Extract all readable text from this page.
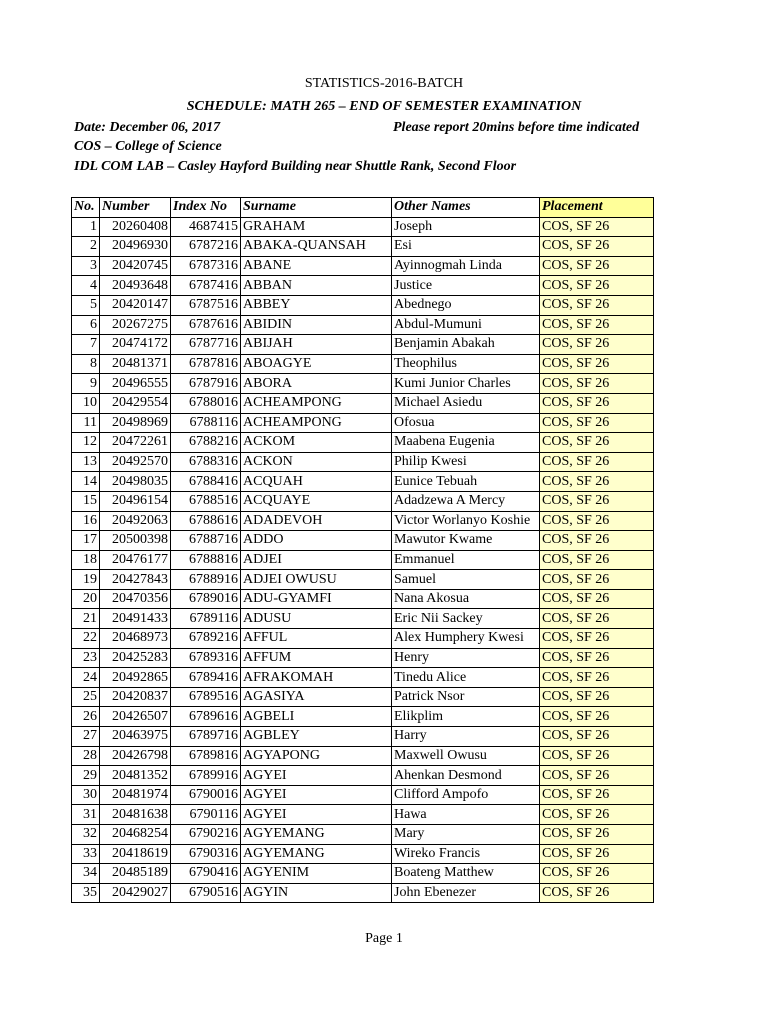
STATISTICS-2016-BATCH
SCHEDULE: MATH 265 – END OF SEMESTER EXAMINATION
Date: December 06, 2017	Please report 20mins before time indicated
COS – College of Science
IDL COM LAB – Casley Hayford Building near Shuttle Rank, Second Floor
No.	Number	Index No	Surname	Other Names	Placement
1	20260408	4687415	GRAHAM	Joseph	COS, SF 26
2	20496930	6787216	ABAKA-QUANSAH	Esi	COS, SF 26
3	20420745	6787316	ABANE	Ayinnogmah Linda	COS, SF 26
4	20493648	6787416	ABBAN	Justice	COS, SF 26
5	20420147	6787516	ABBEY	Abednego	COS, SF 26
6	20267275	6787616	ABIDIN	Abdul-Mumuni	COS, SF 26
7	20474172	6787716	ABIJAH	Benjamin Abakah	COS, SF 26
8	20481371	6787816	ABOAGYE	Theophilus	COS, SF 26
9	20496555	6787916	ABORA	Kumi Junior Charles	COS, SF 26
10	20429554	6788016	ACHEAMPONG	Michael Asiedu	COS, SF 26
11	20498969	6788116	ACHEAMPONG	Ofosua	COS, SF 26
12	20472261	6788216	ACKOM	Maabena Eugenia	COS, SF 26
13	20492570	6788316	ACKON	Philip Kwesi	COS, SF 26
14	20498035	6788416	ACQUAH	Eunice Tebuah	COS, SF 26
15	20496154	6788516	ACQUAYE	Adadzewa A Mercy	COS, SF 26
16	20492063	6788616	ADADEVOH	Victor Worlanyo Koshie	COS, SF 26
17	20500398	6788716	ADDO	Mawutor Kwame	COS, SF 26
18	20476177	6788816	ADJEI	Emmanuel	COS, SF 26
19	20427843	6788916	ADJEI OWUSU	Samuel	COS, SF 26
20	20470356	6789016	ADU-GYAMFI	Nana Akosua	COS, SF 26
21	20491433	6789116	ADUSU	Eric Nii Sackey	COS, SF 26
22	20468973	6789216	AFFUL	Alex Humphery Kwesi	COS, SF 26
23	20425283	6789316	AFFUM	Henry	COS, SF 26
24	20492865	6789416	AFRAKOMAH	Tinedu Alice	COS, SF 26
25	20420837	6789516	AGASIYA	Patrick Nsor	COS, SF 26
26	20426507	6789616	AGBELI	Elikplim	COS, SF 26
27	20463975	6789716	AGBLEY	Harry	COS, SF 26
28	20426798	6789816	AGYAPONG	Maxwell Owusu	COS, SF 26
29	20481352	6789916	AGYEI	Ahenkan Desmond	COS, SF 26
30	20481974	6790016	AGYEI	Clifford Ampofo	COS, SF 26
31	20481638	6790116	AGYEI	Hawa	COS, SF 26
32	20468254	6790216	AGYEMANG	Mary	COS, SF 26
33	20418619	6790316	AGYEMANG	Wireko Francis	COS, SF 26
34	20485189	6790416	AGYENIM	Boateng Matthew	COS, SF 26
35	20429027	6790516	AGYIN	John Ebenezer	COS, SF 26
Page 1
